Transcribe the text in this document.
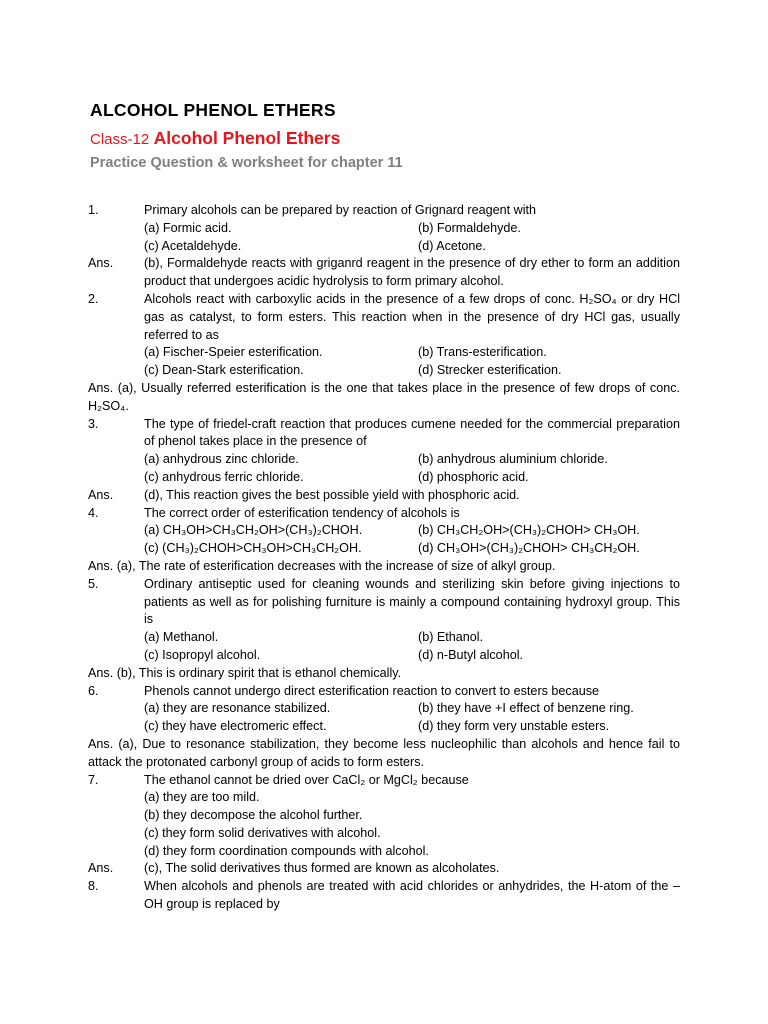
ALCOHOL PHENOL ETHERS
Class-12 Alcohol Phenol Ethers
Practice Question & worksheet for chapter 11
1.	Primary alcohols can be prepared by reaction of Grignard reagent with
(a) Formic acid.	(b) Formaldehyde.
(c) Acetaldehyde.	(d) Acetone.
Ans.	(b), Formaldehyde reacts with griganrd reagent in the presence of dry ether to form an addition product that undergoes acidic hydrolysis to form primary alcohol.
2.	Alcohols react with carboxylic acids in the presence of a few drops of conc. H₂SO₄ or dry HCl gas as catalyst, to form esters. This reaction when in the presence of dry HCl gas, usually referred to as
(a) Fischer-Speier esterification.	(b) Trans-esterification.
(c) Dean-Stark esterification.	(d) Strecker esterification.
Ans. (a), Usually referred esterification is the one that takes place in the presence of few drops of conc. H₂SO₄.
3.	The type of friedel-craft reaction that produces cumene needed for the commercial preparation of phenol takes place in the presence of
(a) anhydrous zinc chloride.	(b) anhydrous aluminium chloride.
(c) anhydrous ferric chloride.	(d) phosphoric acid.
Ans.	(d), This reaction gives the best possible yield with phosphoric acid.
4.	The correct order of esterification tendency of alcohols is
(a) CH₃OH>CH₃CH₂OH>(CH₃)₂CHOH.	(b) CH₃CH₂OH>(CH₃)₂CHOH> CH₃OH.
(c) (CH₃)₂CHOH>CH₃OH>CH₃CH₂OH.	(d) CH₃OH>(CH₃)₂CHOH> CH₃CH₂OH.
Ans. (a), The rate of esterification decreases with the increase of size of alkyl group.
5.	Ordinary antiseptic used for cleaning wounds and sterilizing skin before giving injections to patients as well as for polishing furniture is mainly a compound containing hydroxyl group. This is
(a) Methanol.	(b) Ethanol.
(c) Isopropyl alcohol.	(d) n-Butyl alcohol.
Ans. (b), This is ordinary spirit that is ethanol chemically.
6.	Phenols cannot undergo direct esterification reaction to convert to esters because
(a) they are resonance stabilized.	(b) they have +I effect of benzene ring.
(c) they have electromeric effect.	(d) they form very unstable esters.
Ans. (a), Due to resonance stabilization, they become less nucleophilic than alcohols and hence fail to attack the protonated carbonyl group of acids to form esters.
7.	The ethanol cannot be dried over CaCl₂ or MgCl₂ because
(a) they are too mild.
(b) they decompose the alcohol further.
(c) they form solid derivatives with alcohol.
(d) they form coordination compounds with alcohol.
Ans.	(c), The solid derivatives thus formed are known as alcoholates.
8.	When alcohols and phenols are treated with acid chlorides or anhydrides, the H-atom of the –OH group is replaced by
